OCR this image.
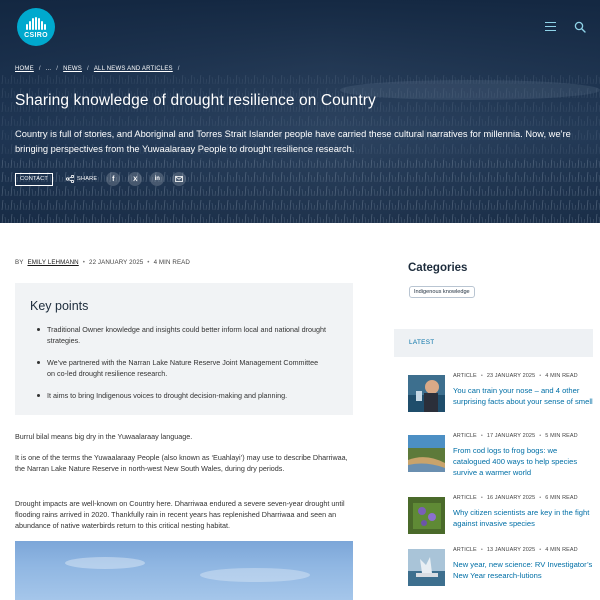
CSIRO
HOME / ... / NEWS / ALL NEWS AND ARTICLES /
Sharing knowledge of drought resilience on Country

Country is full of stories, and Aboriginal and Torres Strait Islander people have carried these cultural narratives for millennia. Now, we’re bringing perspectives from the Yuwaalaraay People to drought resilience research.

CONTACT	SHARE	f	X	in
BY EMILY LEHMANN • 22 JANUARY 2025 • 4 MIN READ
Key points
Traditional Owner knowledge and insights could better inform local and national drought strategies.
We’ve partnered with the Narran Lake Nature Reserve Joint Management Committee on co-led drought resilience research.
It aims to bring Indigenous voices to drought decision-making and planning.

Burrul bilal means big dry in the Yuwaalaraay language.

It is one of the terms the Yuwaalaraay People (also known as ‘Euahlayi’) may use to describe Dharriwaa, the Narran Lake Nature Reserve in north-west New South Wales, during dry periods.

Drought impacts are well-known on Country here. Dharriwaa endured a severe seven-year drought until flooding rains arrived in 2020. Thankfully rain in recent years has replenished Dharriwaa and seen an abundance of native waterbirds return to this critical nesting habitat.

Categories
Indigenous knowledge
LATEST
ARTICLE • 23 JANUARY 2025 • 4 MIN READ
You can train your nose – and 4 other surprising facts about your sense of smell
ARTICLE • 17 JANUARY 2025 • 5 MIN READ
From cod logs to frog bogs: we catalogued 400 ways to help species survive a warmer world
ARTICLE • 16 JANUARY 2025 • 6 MIN READ
Why citizen scientists are key in the fight against invasive species
ARTICLE • 13 JANUARY 2025 • 4 MIN READ
New year, new science: RV Investigator’s New Year research-lutions
